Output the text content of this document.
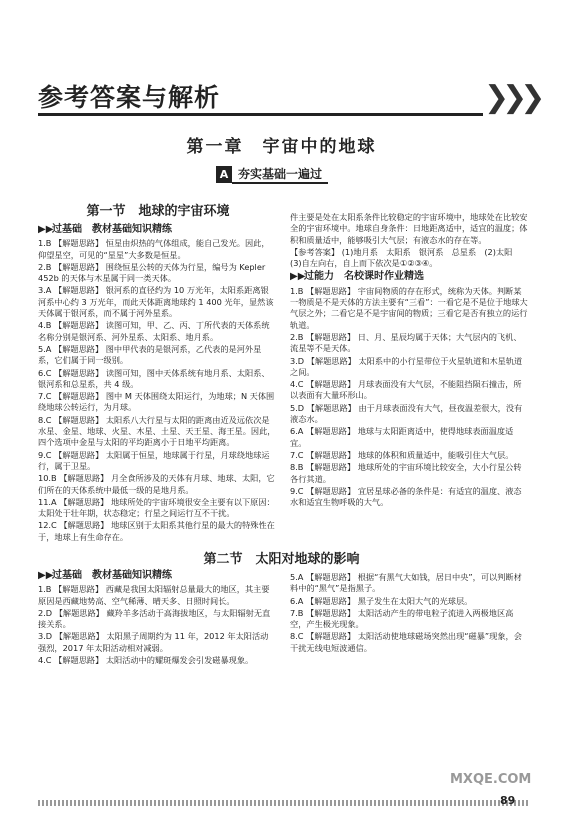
参考答案与解析	❯❯❯
第一章　宇宙中的地球
A 夯实基础一遍过
第一节　地球的宇宙环境
▶▶过基础　教材基础知识精练

1.B 【解题思路】 恒星由炽热的气体组成，能自己发光。因此，仰望星空，可见的“星星”大多数是恒星。

2.B 【解题思路】 围绕恒星公转的天体为行星，编号为 Kepler 452b 的天体与木星属于同一类天体。

3.A 【解题思路】 银河系的直径约为 10 万光年，太阳系距离银河系中心约 3 万光年，而此天体距离地球约 1 400 光年，显然该天体属于银河系，而不属于河外星系。

4.B 【解题思路】 读图可知，甲、乙、丙、丁所代表的天体系统名称分别是银河系、河外星系、太阳系、地月系。

5.A 【解题思路】 图中甲代表的是银河系，乙代表的是河外星系，它们属于同一级别。

6.C 【解题思路】 读图可知，图中天体系统有地月系、太阳系、银河系和总星系，共 4 级。

7.C 【解题思路】 图中 M 天体围绕太阳运行，为地球；N 天体围绕地球公转运行，为月球。

8.C 【解题思路】 太阳系八大行星与太阳的距离由近及远依次是水星、金星、地球、火星、木星、土星、天王星、海王星。因此，四个选项中金星与太阳的平均距离小于日地平均距离。

9.C 【解题思路】 太阳属于恒星，地球属于行星，月球绕地球运行，属于卫星。

10.B 【解题思路】 月全食所涉及的天体有月球、地球、太阳，它们所在的天体系统中最低一级的是地月系。

11.A 【解题思路】 地球所处的宇宙环境很安全主要有以下原因：太阳处于壮年期，状态稳定；行星之间运行互不干扰。

12.C 【解题思路】 地球区别于太阳系其他行星的最大的特殊性在于，地球上有生命存在。

件主要是处在太阳系条件比较稳定的宇宙环境中，地球处在比较安全的宇宙环境中。地球自身条件：日地距离适中，适宜的温度；体积和质量适中，能够吸引大气层；有液态水的存在等。

【参考答案】 (1)地月系　太阳系　银河系　总星系　(2)太阳　(3)自左向右，自上而下依次是①②③④。

▶▶过能力　名校课时作业精选

1.B 【解题思路】 宇宙间物质的存在形式，统称为天体。判断某一物质是不是天体的方法主要有“三看”：一看它是不是位于地球大气层之外；二看它是不是宇宙间的物质；三看它是否有独立的运行轨道。

2.B 【解题思路】 日、月、星辰均属于天体；大气层内的飞机、流星等不是天体。

3.D 【解题思路】 太阳系中的小行星带位于火星轨道和木星轨道之间。

4.C 【解题思路】 月球表面没有大气层，不能阻挡陨石撞击，所以表面有大量环形山。

5.D 【解题思路】 由于月球表面没有大气，昼夜温差很大，没有液态水。

6.A 【解题思路】 地球与太阳距离适中，使得地球表面温度适宜。

7.C 【解题思路】 地球的体积和质量适中，能吸引住大气层。

8.B 【解题思路】 地球所处的宇宙环境比较安全，大小行星公转各行其道。

9.C 【解题思路】 宜居星球必备的条件是：有适宜的温度、液态水和适宜生物呼吸的大气。

第二节　太阳对地球的影响
▶▶过基础　教材基础知识精练

1.B 【解题思路】 西藏是我国太阳辐射总量最大的地区，其主要原因是西藏地势高、空气稀薄、晴天多、日照时间长。

2.D 【解题思路】 藏羚羊多活动于高海拔地区，与太阳辐射无直接关系。

3.D 【解题思路】 太阳黑子周期约为 11 年，2012 年太阳活动强烈，2017 年太阳活动相对减弱。

4.C 【解题思路】 太阳活动中的耀斑爆发会引发磁暴现象。

5.A 【解题思路】 根据“有黑气大如钱，居日中央”，可以判断材料中的“黑气”是指黑子。

6.A 【解题思路】 黑子发生在太阳大气的光球层。

7.B 【解题思路】 太阳活动产生的带电粒子流进入两极地区高空，产生极光现象。

8.C 【解题思路】 太阳活动使地球磁场突然出现“磁暴”现象，会干扰无线电短波通信。

MXQE.COM
89
